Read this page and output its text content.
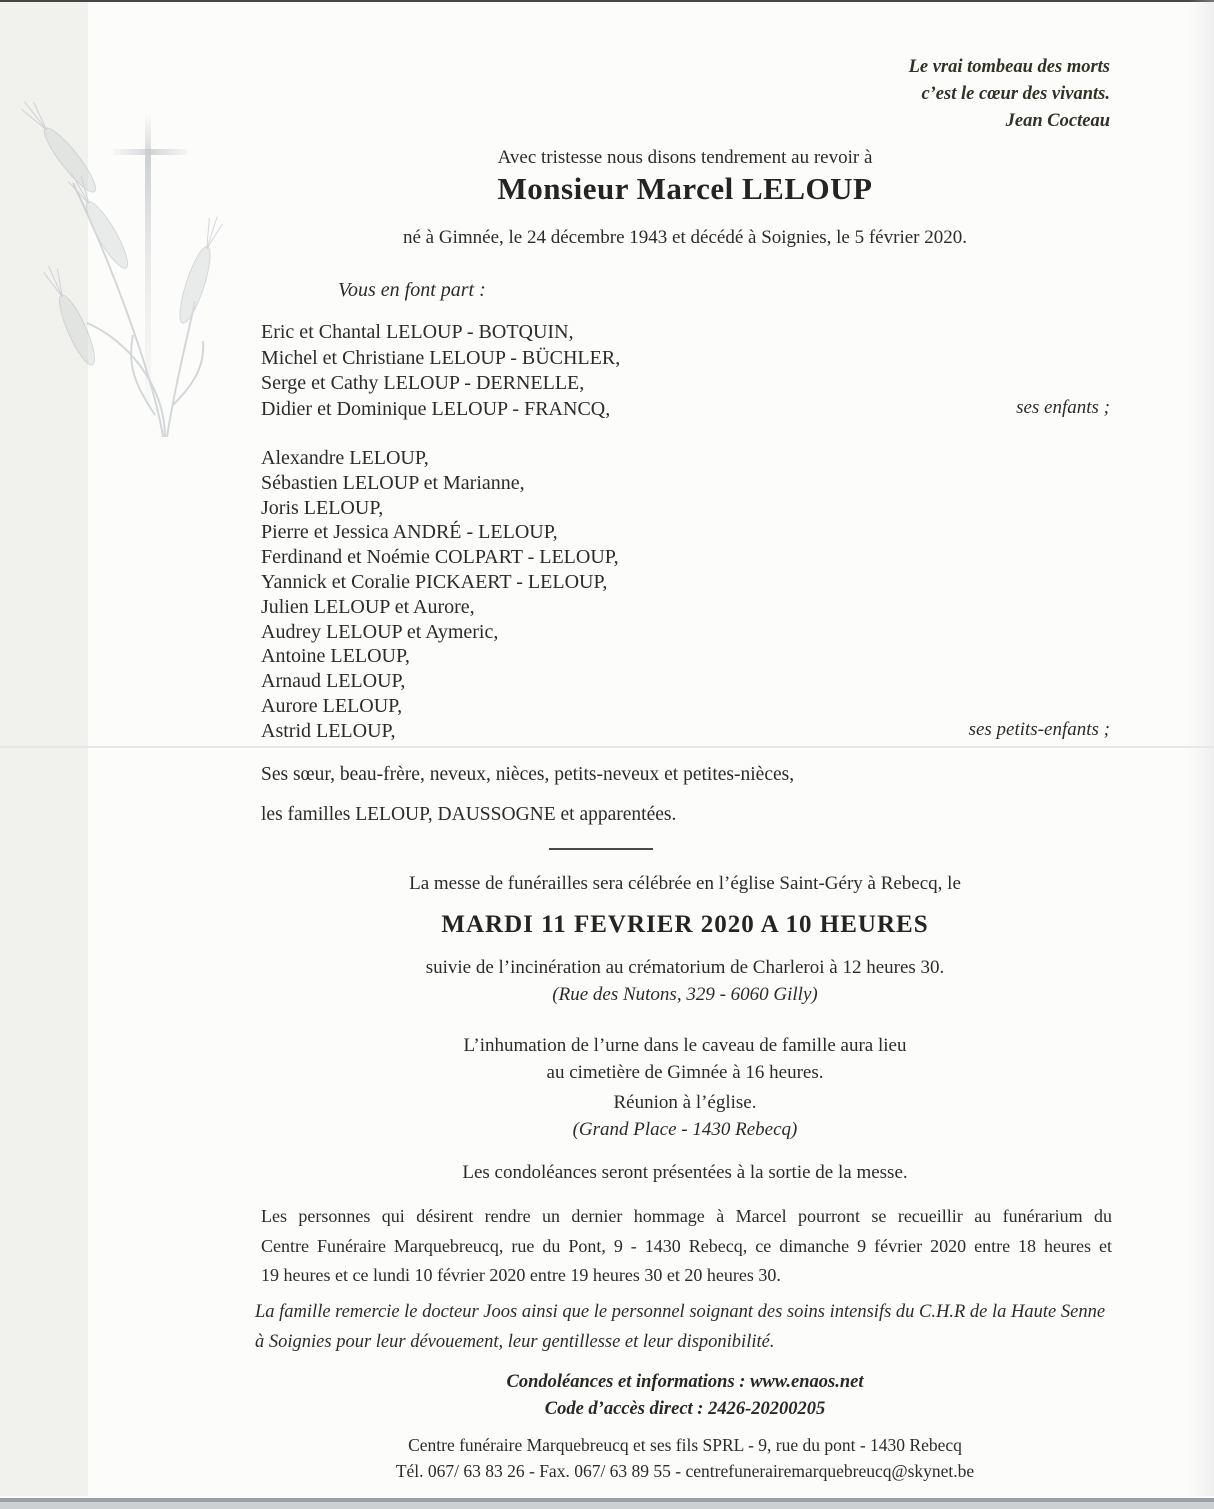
Le vrai tombeau des morts
c’est le cœur des vivants.
Jean Cocteau
Avec tristesse nous disons tendrement au revoir à
Monsieur Marcel LELOUP
né à Gimnée, le 24 décembre 1943 et décédé à Soignies, le 5 février 2020.
Vous en font part :
Eric et Chantal LELOUP - BOTQUIN,
Michel et Christiane LELOUP - BÜCHLER,
Serge et Cathy LELOUP - DERNELLE,
Didier et Dominique LELOUP - FRANCQ,	ses enfants ;
Alexandre LELOUP,
Sébastien LELOUP et Marianne,
Joris LELOUP,
Pierre et Jessica ANDRÉ - LELOUP,
Ferdinand et Noémie COLPART - LELOUP,
Yannick et Coralie PICKAERT - LELOUP,
Julien LELOUP et Aurore,
Audrey LELOUP et Aymeric,
Antoine LELOUP,
Arnaud LELOUP,
Aurore LELOUP,
Astrid LELOUP,	ses petits-enfants ;
Ses sœur, beau-frère, neveux, nièces, petits-neveux et petites-nièces,
les familles LELOUP, DAUSSOGNE et apparentées.
La messe de funérailles sera célébrée en l’église Saint-Géry à Rebecq, le
MARDI 11 FEVRIER 2020 A 10 HEURES
suivie de l’incinération au crématorium de Charleroi à 12 heures 30.
(Rue des Nutons, 329 - 6060 Gilly)
L’inhumation de l’urne dans le caveau de famille aura lieu
au cimetière de Gimnée à 16 heures.
Réunion à l’église.
(Grand Place - 1430 Rebecq)
Les condoléances seront présentées à la sortie de la messe.
Les personnes qui désirent rendre un dernier hommage à Marcel pourront se recueillir au funérarium du
Centre Funéraire Marquebreucq, rue du Pont, 9 - 1430 Rebecq, ce dimanche 9 février 2020 entre 18 heures et
19 heures et ce lundi 10 février 2020 entre 19 heures 30 et 20 heures 30.
La famille remercie le docteur Joos ainsi que le personnel soignant des soins intensifs du C.H.R de la Haute Senne
à Soignies pour leur dévouement, leur gentillesse et leur disponibilité.
Condoléances et informations : www.enaos.net
Code d’accès direct : 2426-20200205
Centre funéraire Marquebreucq et ses fils SPRL - 9, rue du pont - 1430 Rebecq
Tél. 067/ 63 83 26 - Fax. 067/ 63 89 55 - centrefunerairemarquebreucq@skynet.be
